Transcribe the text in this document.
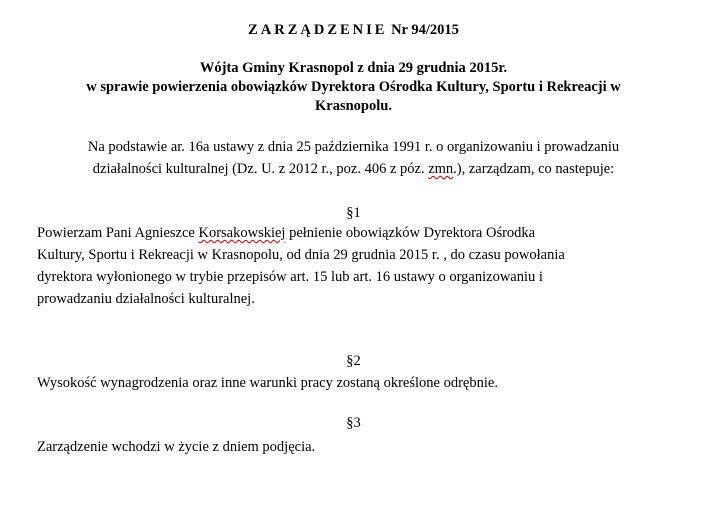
ZARZĄDZENIE Nr 94/2015
Wójta Gminy Krasnopol z dnia 29 grudnia 2015r.
w sprawie powierzenia obowiązków Dyrektora Ośrodka Kultury, Sportu i Rekreacji w
Krasnopolu.
Na podstawie ar. 16a ustawy z dnia 25 października 1991 r. o organizowaniu i prowadzaniu
działalności kulturalnej (Dz. U. z 2012 r., poz. 406 z póz. zmn.), zarządzam, co nastepuje:
§1
Powierzam Pani Agnieszce Korsakowskiej pełnienie obowiązków Dyrektora Ośrodka
Kultury, Sportu i Rekreacji w Krasnopolu, od dnia 29 grudnia 2015 r. , do czasu powołania
dyrektora wyłonionego w trybie przepisów art. 15 lub art. 16 ustawy o organizowaniu i
prowadzaniu działalności kulturalnej.
§2
Wysokość wynagrodzenia oraz inne warunki pracy zostaną określone odrębnie.
§3
Zarządzenie wchodzi w życie z dniem podjęcia.
